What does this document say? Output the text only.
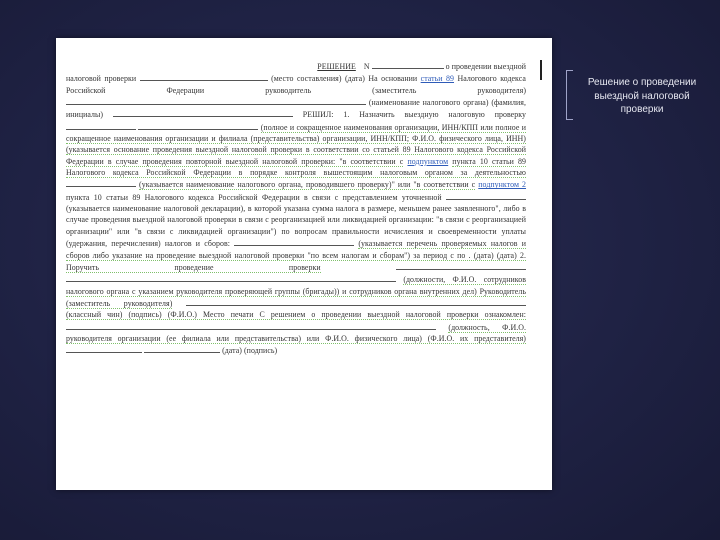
РЕШЕНИЕ N	о проведении выездной
налоговой проверки	(место составления) (дата) На основании статьи 89 Налогового кодекса Российской Федерации руководитель (заместитель руководителя)  (наименование налогового органа) (фамилия, инициалы)	РЕШИЛ: 1. Назначить выездную налоговую проверку   (полное и сокращенное наименования организации, ИНН/КПП или полное и сокращенное наименования организации и филиала (представительства) организации, ИНН/КПП; Ф.И.О. физического лица, ИНН) (указывается основание проведения выездной налоговой проверки в соответствии со статьей 89 Налогового кодекса Российской Федерации в случае проведения повторной выездной налоговой проверки: "в соответствии с подпунктом пункта 10 статьи 89 Налогового кодекса Российской Федерации в порядке контроля вышестоящим налоговым органом за деятельностью  (указывается наименование налогового органа, проводившего проверку)" или "в соответствии с подпунктом 2 пункта 10 статьи 89 Налогового кодекса Российской Федерации в связи с представлением уточненной  (указывается наименование налоговой декларации), в которой указана сумма налога в размере, меньшем ранее заявленного", либо в случае проведения выездной налоговой проверки в связи с реорганизацией или ликвидацией организации: "в связи с реорганизацией организации" или "в связи с ликвидацией организации") по вопросам правильности исчисления и своевременности уплаты (удержания, перечисления) налогов и сборов:	(указывается перечень проверяемых налогов и сборов либо указание на проведение выездной налоговой проверки "по всем налогам и сборам") за период с по . (дата) (дата) 2. Поручить проведение проверки   (должности, Ф.И.О. сотрудников налогового органа с указанием руководителя проверяющей группы (бригады)) и сотрудников органа внутренних дел) Руководитель (заместитель руководителя)  (классный чин) (подпись) (Ф.И.О.) Место печати С решением о проведении выездной налоговой проверки ознакомлен:  (должность, Ф.И.О. руководителя организации (ее филиала или представительства) или Ф.И.О. физического лица) (Ф.И.О. их представителя)   (дата) (подпись)
Решение о проведении выездной налоговой проверки
